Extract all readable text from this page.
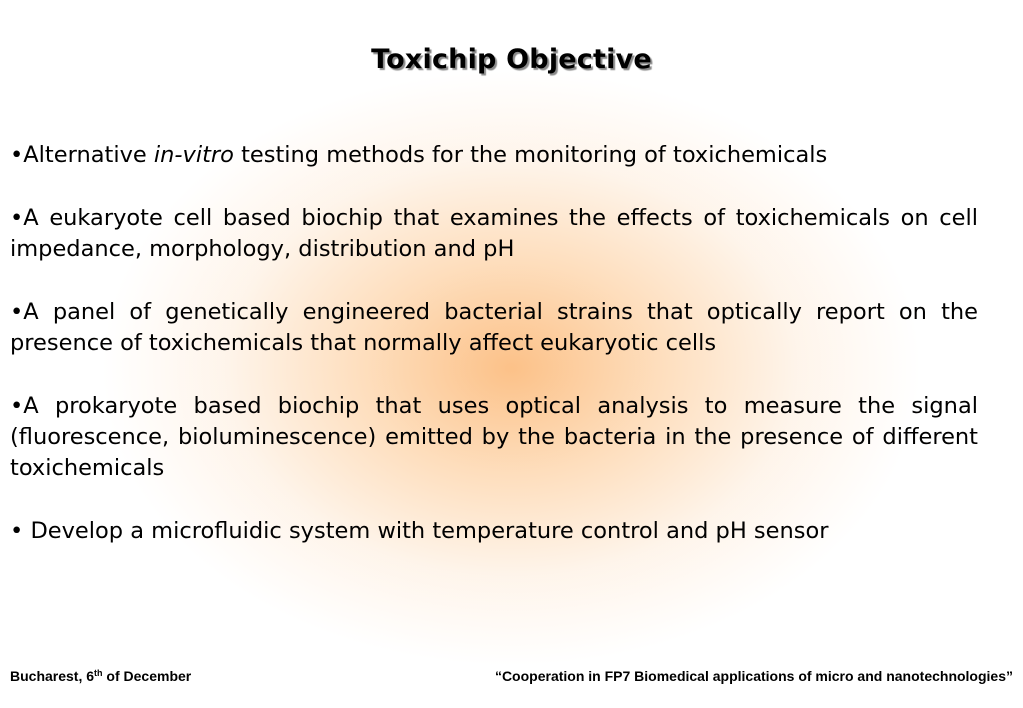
Toxichip Objective

•Alternative in-vitro testing methods for the monitoring of toxichemicals

•A eukaryote cell based biochip that examines the effects of toxichemicals on cell impedance, morphology, distribution and pH

•A panel of genetically engineered bacterial strains that optically report on the presence of toxichemicals that normally affect eukaryotic cells

•A prokaryote based biochip that uses optical analysis to measure the signal (fluorescence, bioluminescence) emitted by the bacteria in the presence of different toxichemicals

• Develop a microfluidic system with temperature control and pH sensor

Bucharest, 6th of December	“Cooperation in FP7 Biomedical applications of micro and nanotechnologies”
